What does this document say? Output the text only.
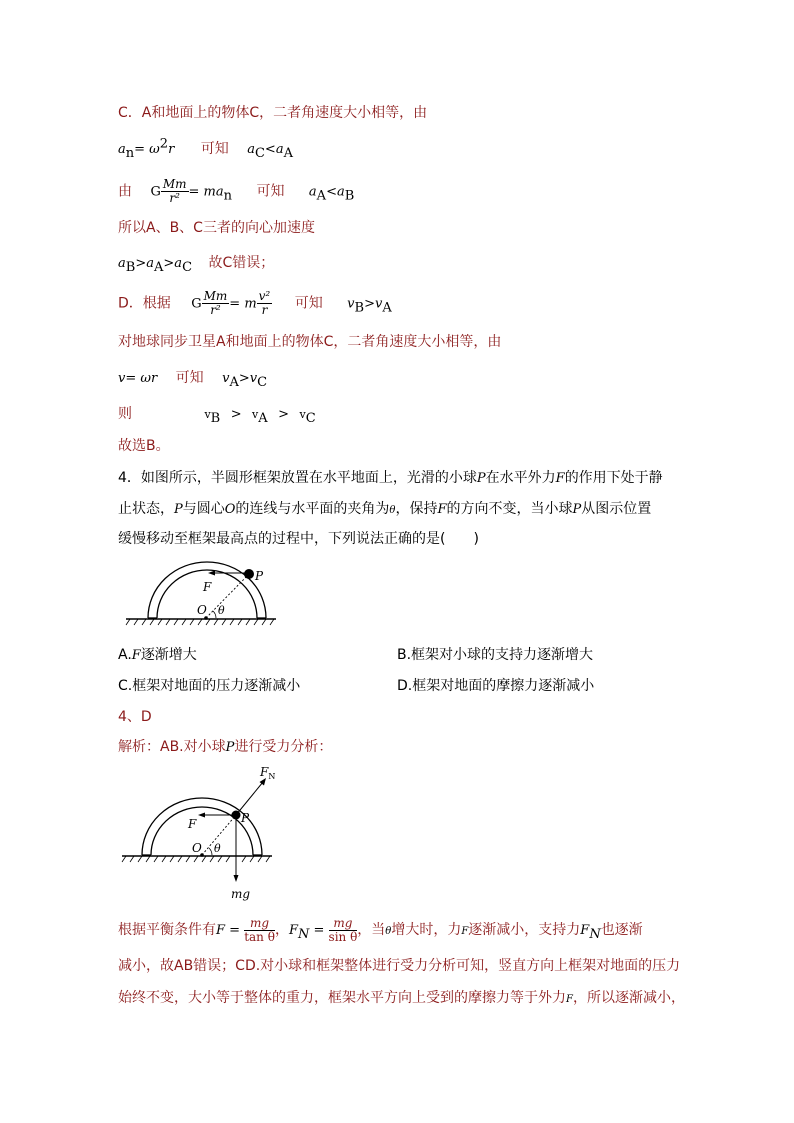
C．A和地面上的物体C，二者角速度大小相等，由
$a_n= \omega^2r$ 可知 $a_C<a_A$
由 G $\frac{Mm}{\text{r²}} = ma_n$ 可知 $a_A<a_B$
所以A、B、C三者的向心加速度
$a_B>a_A>a_C$ 故C错误；
D．根据 G $\frac{Mm}{\text{r²}} = m \frac{\text{v²}}{r}$ 可知 $v_B>v_A$
对地球同步卫星A和地面上的物体C，二者角速度大小相等，由
v= ωr 可知 $v_A>v_C$
则	$v_B > v_A > v_C$
故选B。
4．如图所示，半圆形框架放置在水平地面上，光滑的小球P在水平外力F的作用下处于静
止状态，P与圆心O的连线与水平面的夹角为θ，保持F的方向不变，当小球P从图示位置
缓慢移动至框架最高点的过程中，下列说法正确的是(　　)
F
P
O θ
A.F逐渐增大	B.框架对小球的支持力逐渐增大
C.框架对地面的压力逐渐减小	D.框架对地面的摩擦力逐渐减小
4、D
解析：AB.对小球P进行受力分析：
$F_N$
F	P
O θ
mg
根据平衡条件有$F = \frac{mg}{\text{tan θ}}$ ，$F_N = \frac{mg}{\text{sin θ}}$ ，当θ增大时，力F逐渐减小，支持力$F_N$也逐渐
减小，故AB错误；CD.对小球和框架整体进行受力分析可知，竖直方向上框架对地面的压力
始终不变，大小等于整体的重力，框架水平方向上受到的摩擦力等于外力F，所以逐渐减小，
